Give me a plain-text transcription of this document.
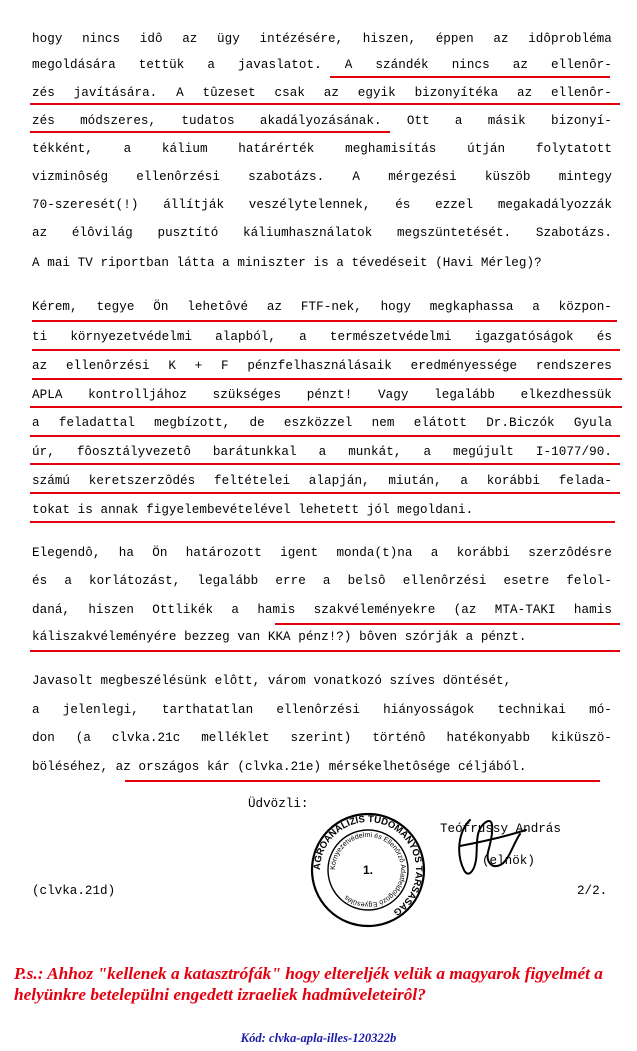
hogy nincs idô az ügy intézésére, hiszen, éppen az idôprobléma
megoldására tettük a javaslatot. A szándék nincs az ellenôr-
zés javítására. A tûzeset csak az egyik bizonyítéka az ellenôr-
zés módszeres, tudatos akadályozásának. Ott a másik bizonyí-
tékként, a kálium határérték meghamisítás útján folytatott
vizminôség ellenôrzési szabotázs. A mérgezési küszöb mintegy
70-szeresét(!) állítják veszélytelennek, és ezzel megakadályozzák
az élôvilág pusztító káliumhasználatok megszüntetését. Szabotázs.
A mai TV riportban látta a miniszter is a tévedéseit (Havi Mérleg)?
Kérem, tegye Ön lehetôvé az FTF-nek, hogy megkaphassa a közpon-
ti környezetvédelmi alapból, a természetvédelmi igazgatóságok és
az ellenôrzési K + F pénzfelhasználásaik eredményessége rendszeres
APLA kontrolljához szükséges pénzt! Vagy legalább elkezdhessük
a feladattal megbízott, de eszközzel nem elátott Dr.Biczók Gyula
úr, fôosztályvezetô barátunkkal a munkát, a megújult I-1077/90.
számú keretszerzôdés feltételei alapján, miután, a korábbi felada-
tokat is annak figyelembevételével lehetett jól megoldani.
Elegendô, ha Ön határozott igent monda(t)na a korábbi szerzôdésre
és a korlátozást, legalább erre a belsô ellenôrzési esetre felol-
daná, hiszen Ottlikék a hamis szakvéleményekre (az MTA-TAKI hamis
káliszakvéleményére bezzeg van KKA pénz!?) bôven szórják a pénzt.
Javasolt megbeszélésünk elôtt, várom vonatkozó szíves döntését,
a jelenlegi, tarthatatlan ellenôrzési hiányosságok technikai mó-
don (a clvka.21c melléklet szerint) történô hatékonyabb kiküszö-
böléséhez, az országos kár (clvka.21e) mérsékelhetôsége céljából.
Üdvözli:
AGROANALIZIS TUDOMÁNYOS TÁRSASÁG
Környezetvédelmi és Ellenôrzô Adatfeldolgozó Egyesülés
1.
Teófrussy András
(elnök)
(clvka.21d)	2/2.
P.s.: Ahhoz "kellenek a katasztrófák" hogy eltereljék velük a magyarok figyelmét a helyünkre betelepülni engedett izraeliek hadmûveleteirôl?
Kód: clvka-apla-illes-120322b
